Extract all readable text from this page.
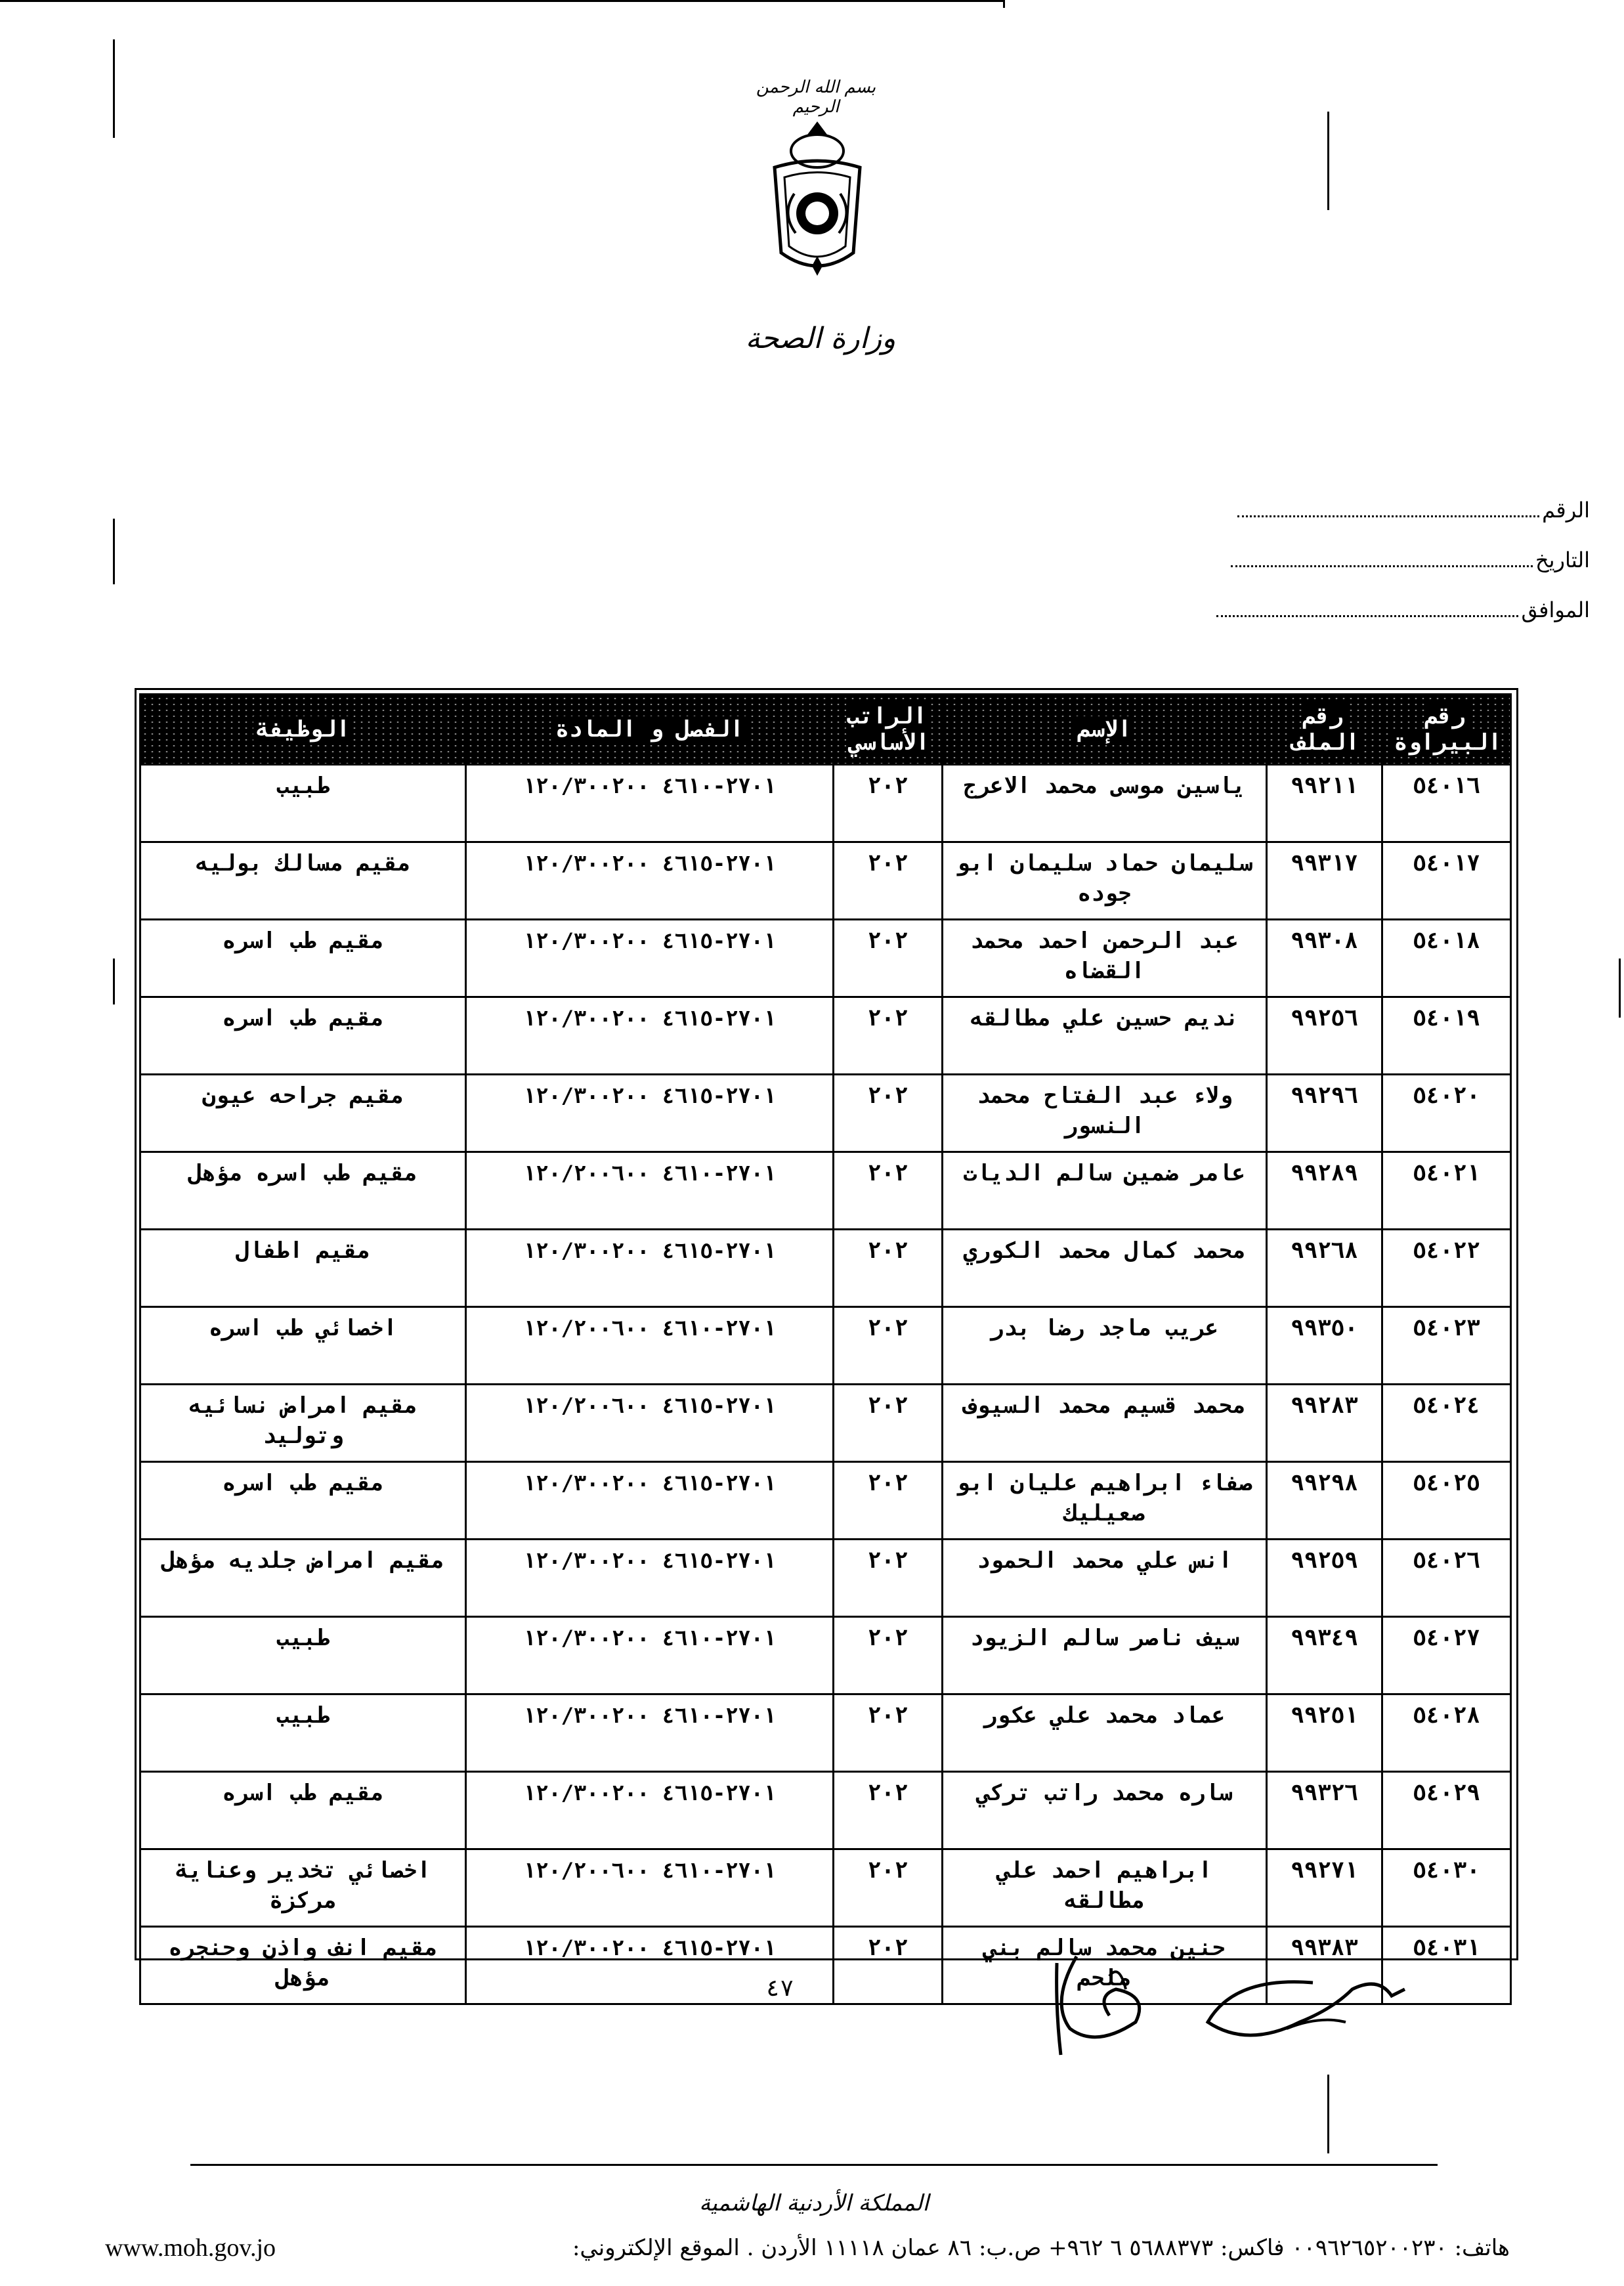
بسم الله الرحمن الرحيم
وزارة الصحة
الرقم
التاريخ
الموافق
رقم البيراوة	رقم الملف	الإسم	الراتب الأساسي	الفصل و المادة	الوظيفة
٥٤٠١٦	٩٩٢١١	ياسين موسى محمد الاعرج	٢٠٢	٢٧٠١-٤٦١٠ ١٢٠/٣٠٠٢٠٠	طبيب
٥٤٠١٧	٩٩٣١٧	سليمان حماد سليمان ابو جوده	٢٠٢	٢٧٠١-٤٦١٥ ١٢٠/٣٠٠٢٠٠	مقيم مسالك بوليه
٥٤٠١٨	٩٩٣٠٨	عبد الرحمن احمد محمد القضاه	٢٠٢	٢٧٠١-٤٦١٥ ١٢٠/٣٠٠٢٠٠	مقيم طب اسره
٥٤٠١٩	٩٩٢٥٦	نديم حسين علي مطالقه	٢٠٢	٢٧٠١-٤٦١٥ ١٢٠/٣٠٠٢٠٠	مقيم طب اسره
٥٤٠٢٠	٩٩٢٩٦	ولاء عبد الفتاح محمد النسور	٢٠٢	٢٧٠١-٤٦١٥ ١٢٠/٣٠٠٢٠٠	مقيم جراحه عيون
٥٤٠٢١	٩٩٢٨٩	عامر ضمين سالم الديات	٢٠٢	٢٧٠١-٤٦١٠ ١٢٠/٢٠٠٦٠٠	مقيم طب اسره مؤهل
٥٤٠٢٢	٩٩٢٦٨	محمد كمال محمد الكوري	٢٠٢	٢٧٠١-٤٦١٥ ١٢٠/٣٠٠٢٠٠	مقيم اطفال
٥٤٠٢٣	٩٩٣٥٠	عريب ماجد رضا بدر	٢٠٢	٢٧٠١-٤٦١٠ ١٢٠/٢٠٠٦٠٠	اخصائي طب اسره
٥٤٠٢٤	٩٩٢٨٣	محمد قسيم محمد السيوف	٢٠٢	٢٧٠١-٤٦١٥ ١٢٠/٢٠٠٦٠٠	مقيم امراض نسائيه وتوليد
٥٤٠٢٥	٩٩٢٩٨	صفاء ابراهيم عليان ابو صعيليك	٢٠٢	٢٧٠١-٤٦١٥ ١٢٠/٣٠٠٢٠٠	مقيم طب اسره
٥٤٠٢٦	٩٩٢٥٩	انس علي محمد الحمود	٢٠٢	٢٧٠١-٤٦١٥ ١٢٠/٣٠٠٢٠٠	مقيم امراض جلديه مؤهل
٥٤٠٢٧	٩٩٣٤٩	سيف ناصر سالم الزيود	٢٠٢	٢٧٠١-٤٦١٠ ١٢٠/٣٠٠٢٠٠	طبيب
٥٤٠٢٨	٩٩٢٥١	عماد محمد علي عكور	٢٠٢	٢٧٠١-٤٦١٠ ١٢٠/٣٠٠٢٠٠	طبيب
٥٤٠٢٩	٩٩٣٢٦	ساره محمد راتب تركي	٢٠٢	٢٧٠١-٤٦١٥ ١٢٠/٣٠٠٢٠٠	مقيم طب اسره
٥٤٠٣٠	٩٩٢٧١	ابراهيم احمد علي مطالقه	٢٠٢	٢٧٠١-٤٦١٠ ١٢٠/٢٠٠٦٠٠	اخصائي تخدير وعناية مركزة
٥٤٠٣١	٩٩٣٨٣	حنين محمد سالم بني ملحم	٢٠٢	٢٧٠١-٤٦١٥ ١٢٠/٣٠٠٢٠٠	مقيم انف واذن وحنجره مؤهل	٤٧
المملكة الأردنية الهاشمية
هاتف: ٠٠٩٦٢٦٥٢٠٠٢٣٠ فاكس: ٥٦٨٨٣٧٣ ٦ ٩٦٢+ ص.ب: ٨٦ عمان ١١١١٨ الأردن . الموقع الإلكتروني:
www.moh.gov.jo
